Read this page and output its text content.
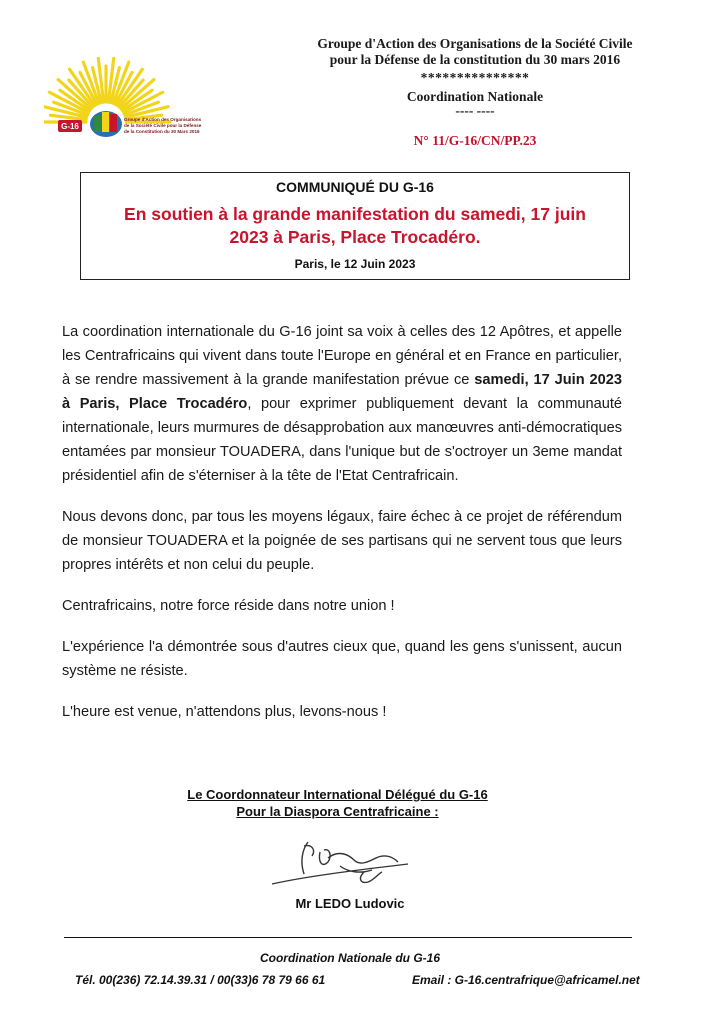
G-16
Groupe d'Action des Organisations
de la Société Civile pour la Défense
de la Constitution du 30 Mars 2016
Groupe d'Action des Organisations de la Société Civile
pour la Défense de la constitution du 30 mars 2016
***************
Coordination Nationale
---- ----
N° 11/G-16/CN/PP.23
COMMUNIQUÉ DU G-16
En soutien à la grande manifestation du samedi, 17 juin 2023 à Paris, Place Trocadéro.
Paris, le 12 Juin 2023

La coordination internationale du G-16 joint sa voix à celles des 12 Apôtres, et appelle les Centrafricains qui vivent dans toute l'Europe en général et en France en particulier, à se rendre massivement à la grande manifestation prévue ce samedi, 17 Juin 2023 à Paris, Place Trocadéro, pour exprimer publiquement devant la communauté internationale, leurs murmures de désapprobation aux manœuvres anti-démocratiques entamées par monsieur TOUADERA, dans l'unique but de s'octroyer un 3eme mandat présidentiel afin de s'éterniser à la tête de l'Etat Centrafricain.

Nous devons donc, par tous les moyens légaux, faire échec à ce projet de référendum de monsieur TOUADERA et la poignée de ses partisans qui ne servent tous que leurs propres intérêts et non celui du peuple.

Centrafricains, notre force réside dans notre union !

L'expérience l'a démontrée sous d'autres cieux que, quand les gens s'unissent, aucun système ne résiste.

L'heure est venue, n'attendons plus, levons-nous !

Le Coordonnateur International Délégué du G-16
Pour la Diaspora Centrafricaine :
Mr LEDO Ludovic
Coordination Nationale du G-16
Tél. 00(236) 72.14.39.31 / 00(33)6 78 79 66 61	Email : G-16.centrafrique@africamel.net
